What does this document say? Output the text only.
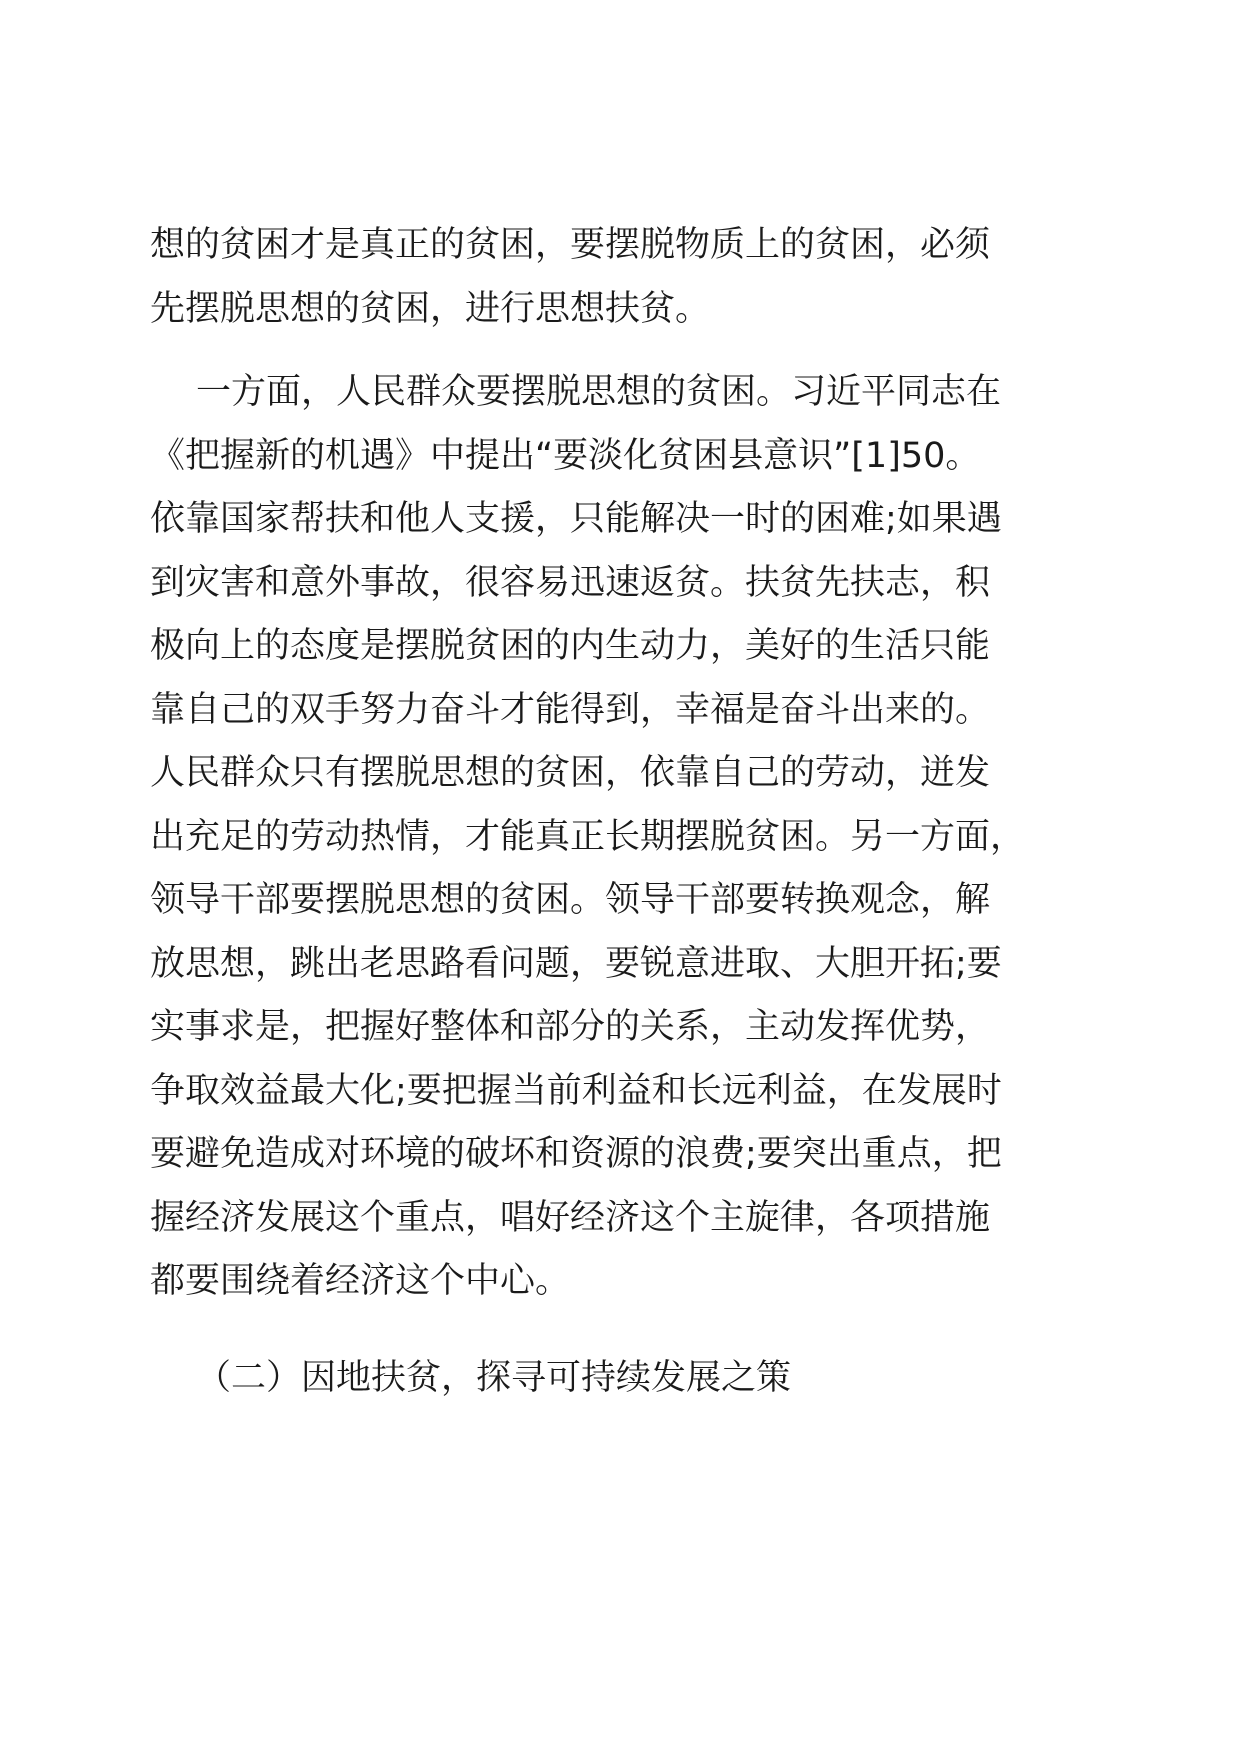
想的贫困才是真正的贫困，要摆脱物质上的贫困，必须
先摆脱思想的贫困，进行思想扶贫。
一方面，人民群众要摆脱思想的贫困。习近平同志在
《把握新的机遇》中提出“要淡化贫困县意识”[1]50。
依靠国家帮扶和他人支援，只能解决一时的困难;如果遇
到灾害和意外事故，很容易迅速返贫。扶贫先扶志，积
极向上的态度是摆脱贫困的内生动力，美好的生活只能
靠自己的双手努力奋斗才能得到，幸福是奋斗出来的。
人民群众只有摆脱思想的贫困，依靠自己的劳动，迸发
出充足的劳动热情，才能真正长期摆脱贫困。另一方面，
领导干部要摆脱思想的贫困。领导干部要转换观念，解
放思想，跳出老思路看问题，要锐意进取、大胆开拓;要
实事求是，把握好整体和部分的关系，主动发挥优势，
争取效益最大化;要把握当前利益和长远利益，在发展时
要避免造成对环境的破坏和资源的浪费;要突出重点，把
握经济发展这个重点，唱好经济这个主旋律，各项措施
都要围绕着经济这个中心。
（二）因地扶贫，探寻可持续发展之策
